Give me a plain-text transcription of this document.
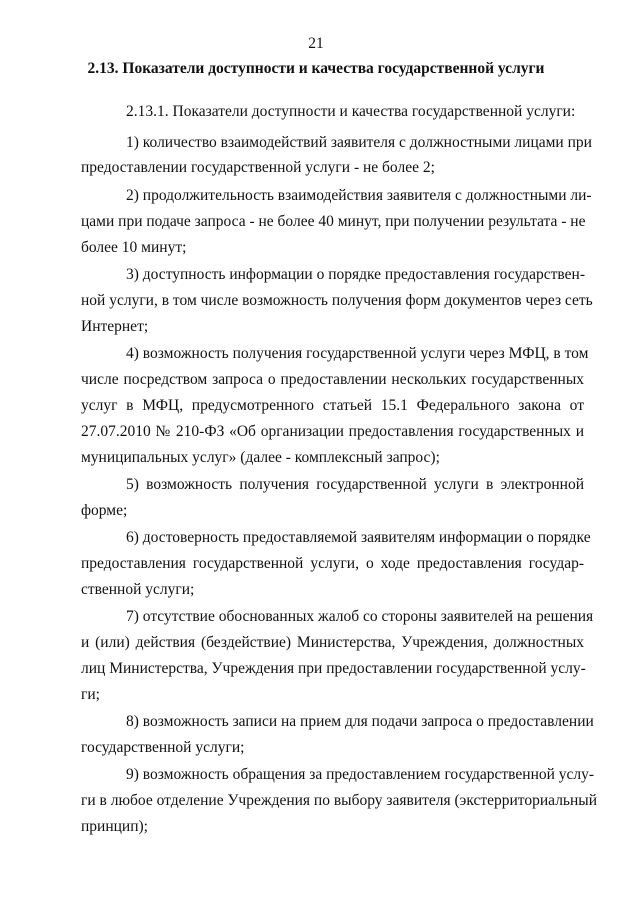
21
2.13. Показатели доступности и качества государственной услуги
2.13.1. Показатели доступности и качества государственной услуги:
1) количество взаимодействий заявителя с должностными лицами при
предоставлении государственной услуги - не более 2;
2) продолжительность взаимодействия заявителя с должностными ли-
цами при подаче запроса - не более 40 минут, при получении результата - не
более 10 минут;
3) доступность информации о порядке предоставления государствен-
ной услуги, в том числе возможность получения форм документов через сеть
Интернет;
4) возможность получения государственной услуги через МФЦ, в том
числе посредством запроса о предоставлении нескольких государственных
услуг в МФЦ, предусмотренного статьей 15.1 Федерального закона от
27.07.2010 № 210-ФЗ «Об организации предоставления государственных и
муниципальных услуг» (далее - комплексный запрос);
5) возможность получения государственной услуги в электронной
форме;
6) достоверность предоставляемой заявителям информации о порядке
предоставления государственной услуги, о ходе предоставления государ-
ственной услуги;
7) отсутствие обоснованных жалоб со стороны заявителей на решения
и (или) действия (бездействие) Министерства, Учреждения, должностных
лиц Министерства, Учреждения при предоставлении государственной услу-
ги;
8) возможность записи на прием для подачи запроса о предоставлении
государственной услуги;
9) возможность обращения за предоставлением государственной услу-
ги в любое отделение Учреждения по выбору заявителя (экстерриториальный
принцип);
